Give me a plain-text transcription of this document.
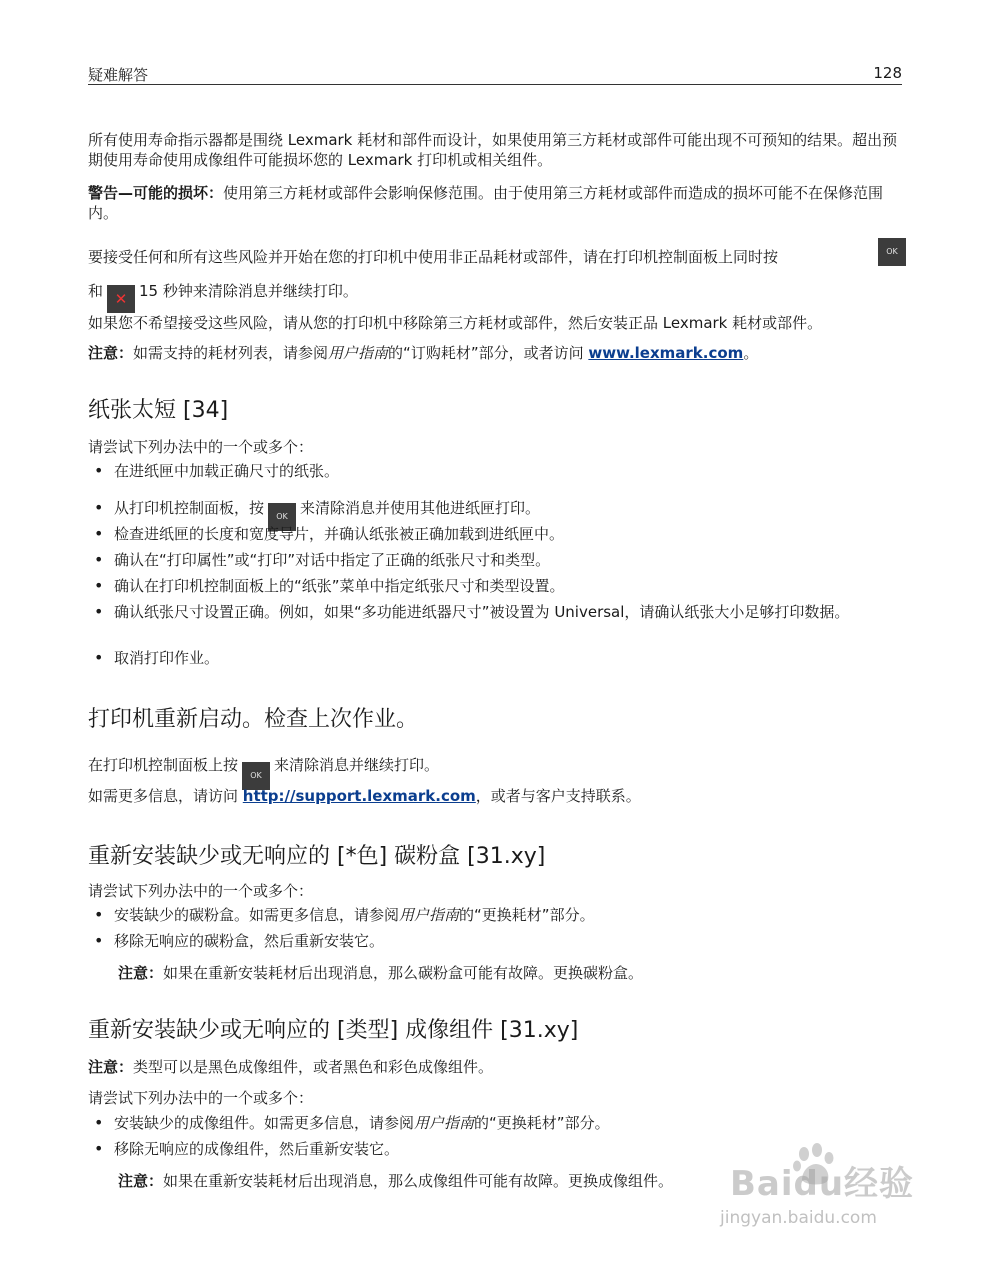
疑难解答	128
所有使用寿命指示器都是围绕 Lexmark 耗材和部件而设计，如果使用第三方耗材或部件可能出现不可预知的结果。超出预期使用寿命使用成像组件可能损坏您的 Lexmark 打印机或相关组件。
警告—可能的损坏：使用第三方耗材或部件会影响保修范围。由于使用第三方耗材或部件而造成的损坏可能不在保修范围内。
要接受任何和所有这些风险并开始在您的打印机中使用非正品耗材或部件，请在打印机控制面板上同时按	OK
和 ✕ 15 秒钟来清除消息并继续打印。
如果您不希望接受这些风险，请从您的打印机中移除第三方耗材或部件，然后安装正品 Lexmark 耗材或部件。
注意：如需支持的耗材列表，请参阅用户指南的“订购耗材”部分，或者访问 www.lexmark.com。
纸张太短 [34]
请尝试下列办法中的一个或多个：
• 在进纸匣中加载正确尺寸的纸张。
• 从打印机控制面板，按 OK 来清除消息并使用其他进纸匣打印。
• 检查进纸匣的长度和宽度导片，并确认纸张被正确加载到进纸匣中。
• 确认在“打印属性”或“打印”对话中指定了正确的纸张尺寸和类型。
• 确认在打印机控制面板上的“纸张”菜单中指定纸张尺寸和类型设置。
• 确认纸张尺寸设置正确。例如，如果“多功能进纸器尺寸”被设置为 Universal，请确认纸张大小足够打印数据。
• 取消打印作业。
打印机重新启动。检查上次作业。
在打印机控制面板上按OK来清除消息并继续打印。
如需更多信息，请访问 http://support.lexmark.com，或者与客户支持联系。
重新安装缺少或无响应的 [*色] 碳粉盒 [31.xy]
请尝试下列办法中的一个或多个：
• 安装缺少的碳粉盒。如需更多信息，请参阅用户指南的“更换耗材”部分。
• 移除无响应的碳粉盒，然后重新安装它。
注意：如果在重新安装耗材后出现消息，那么碳粉盒可能有故障。更换碳粉盒。
重新安装缺少或无响应的 [类型] 成像组件 [31.xy]
注意：类型可以是黑色成像组件，或者黑色和彩色成像组件。
请尝试下列办法中的一个或多个：
• 安装缺少的成像组件。如需更多信息，请参阅用户指南的“更换耗材”部分。
• 移除无响应的成像组件，然后重新安装它。
注意：如果在重新安装耗材后出现消息，那么成像组件可能有故障。更换成像组件。 Baidu经验
jingyan.baidu.com
